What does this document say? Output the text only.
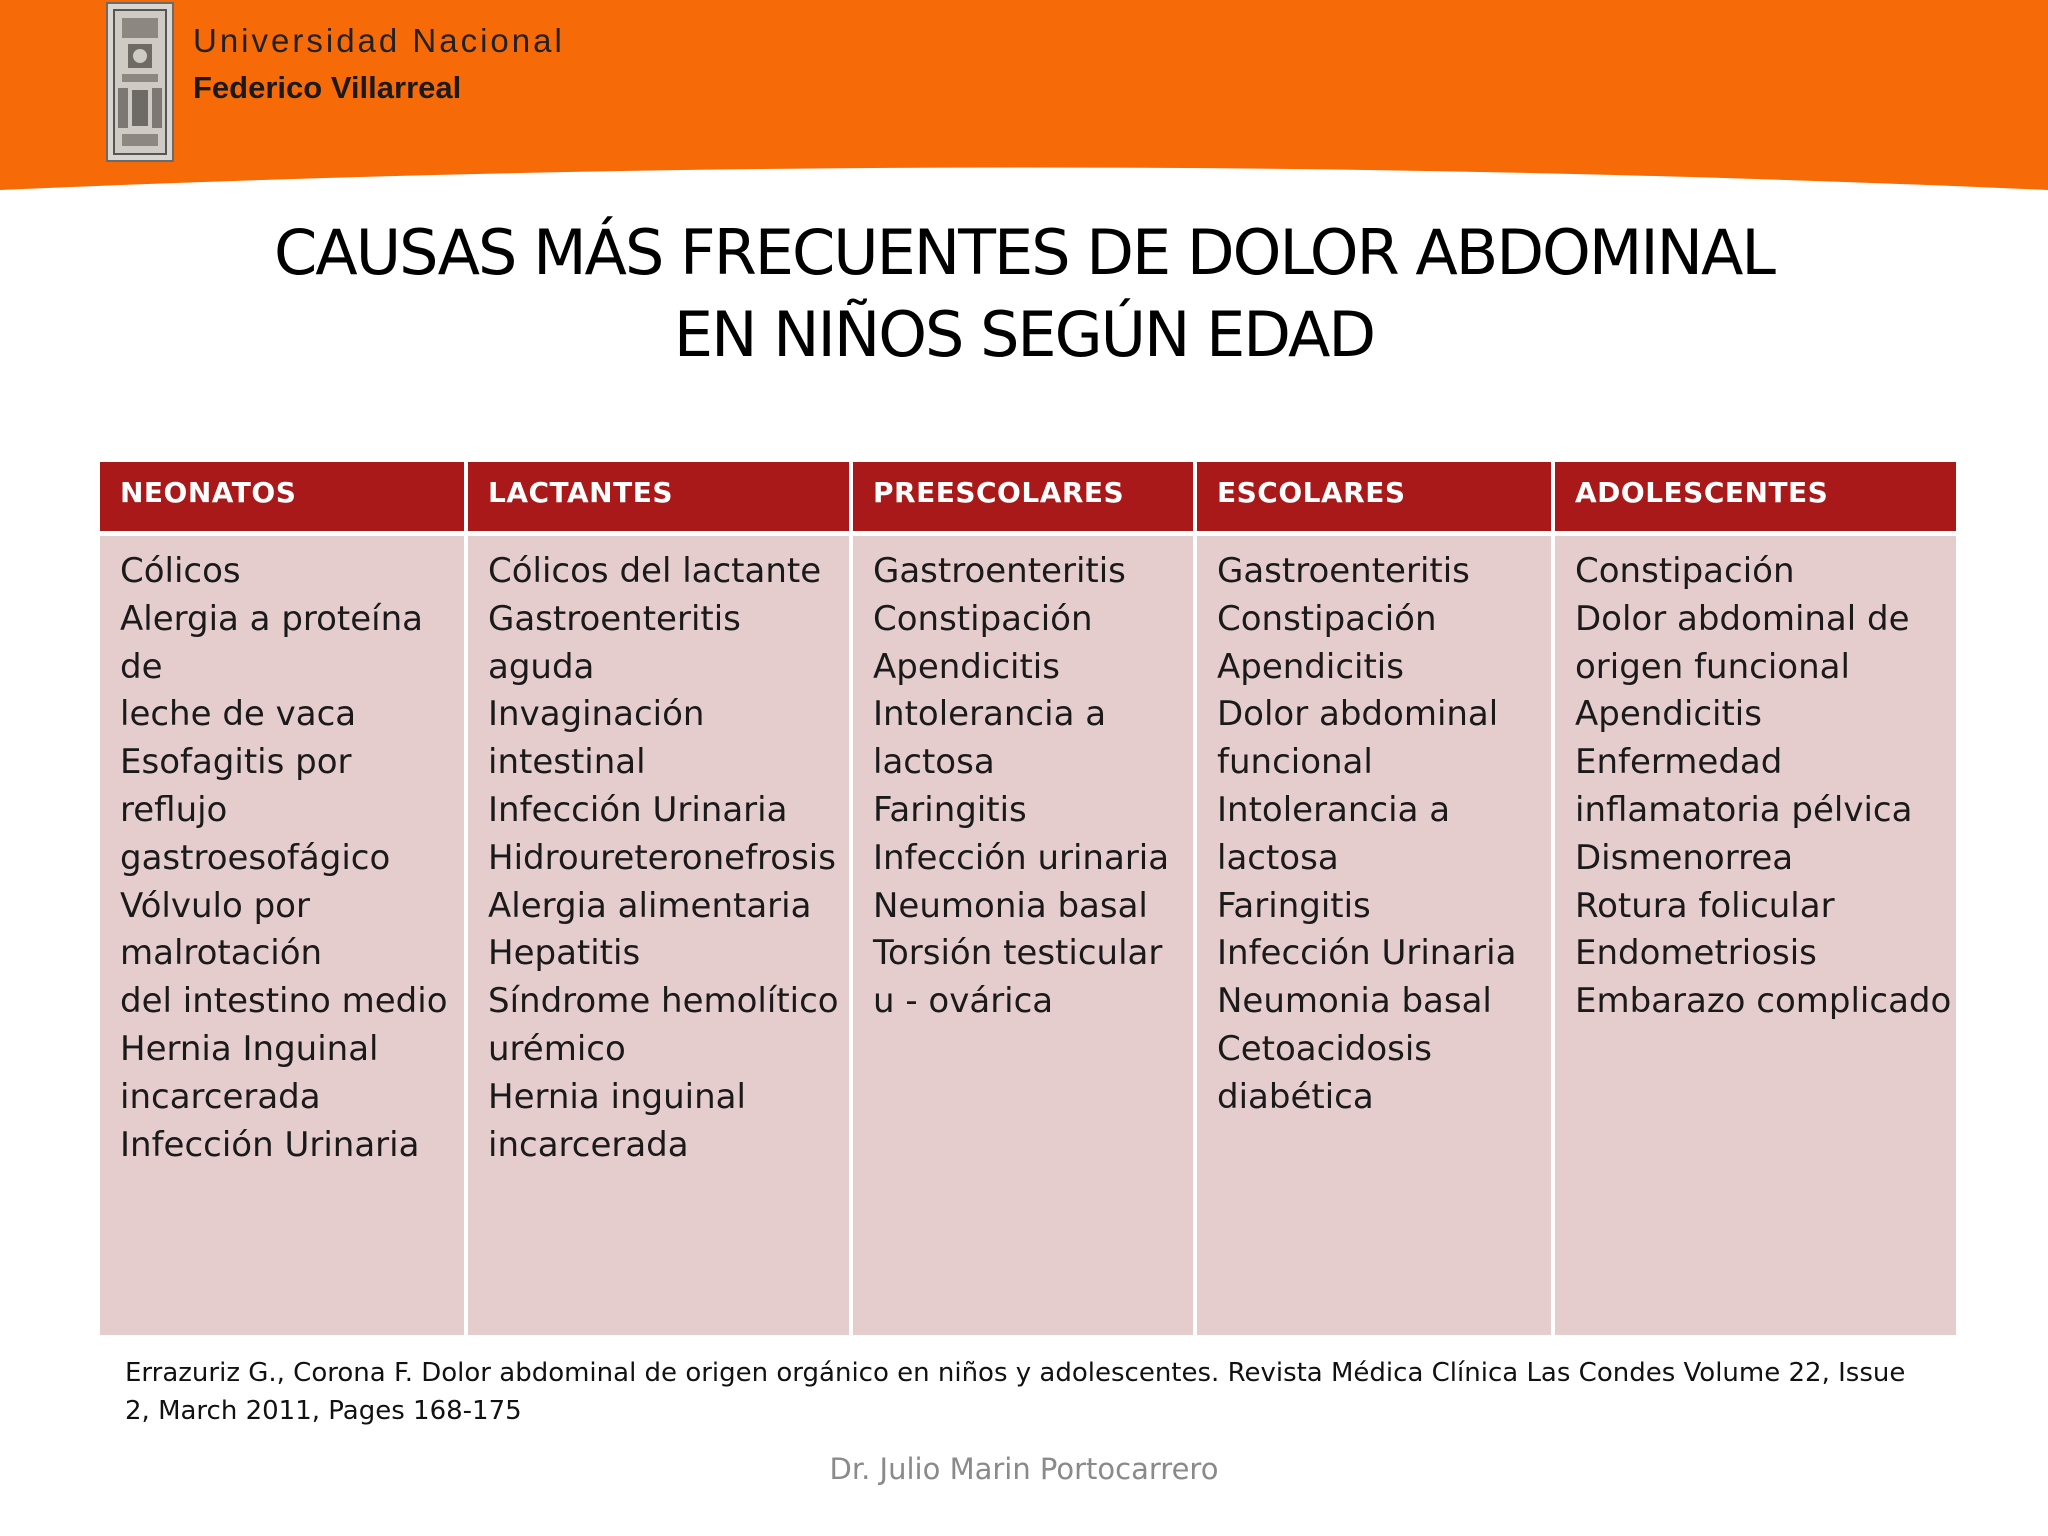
Universidad Nacional
Federico Villarreal
CAUSAS MÁS FRECUENTES DE DOLOR ABDOMINAL
EN NIÑOS SEGÚN EDAD
NEONATOS
Cólicos
Alergia a proteína
de
leche de vaca
Esofagitis por
reflujo
gastroesofágico
Vólvulo por
malrotación
del intestino medio
Hernia Inguinal
incarcerada
Infección Urinaria
LACTANTES
Cólicos del lactante
Gastroenteritis
aguda
Invaginación
intestinal
Infección Urinaria
Hidroureteronefrosis
Alergia alimentaria
Hepatitis
Síndrome hemolítico
urémico
Hernia inguinal
incarcerada
PREESCOLARES
Gastroenteritis
Constipación
Apendicitis
Intolerancia a
lactosa
Faringitis
Infección urinaria
Neumonia basal
Torsión testicular
u - ovárica
ESCOLARES
Gastroenteritis
Constipación
Apendicitis
Dolor abdominal
funcional
Intolerancia a
lactosa
Faringitis
Infección Urinaria
Neumonia basal
Cetoacidosis
diabética
ADOLESCENTES
Constipación
Dolor abdominal de
origen funcional
Apendicitis
Enfermedad
inflamatoria pélvica
Dismenorrea
Rotura folicular
Endometriosis
Embarazo complicado
Errazuriz G., Corona F. Dolor abdominal de origen orgánico en niños y adolescentes. Revista Médica Clínica Las Condes Volume 22, Issue
2, March 2011, Pages 168-175
Dr. Julio Marin Portocarrero
